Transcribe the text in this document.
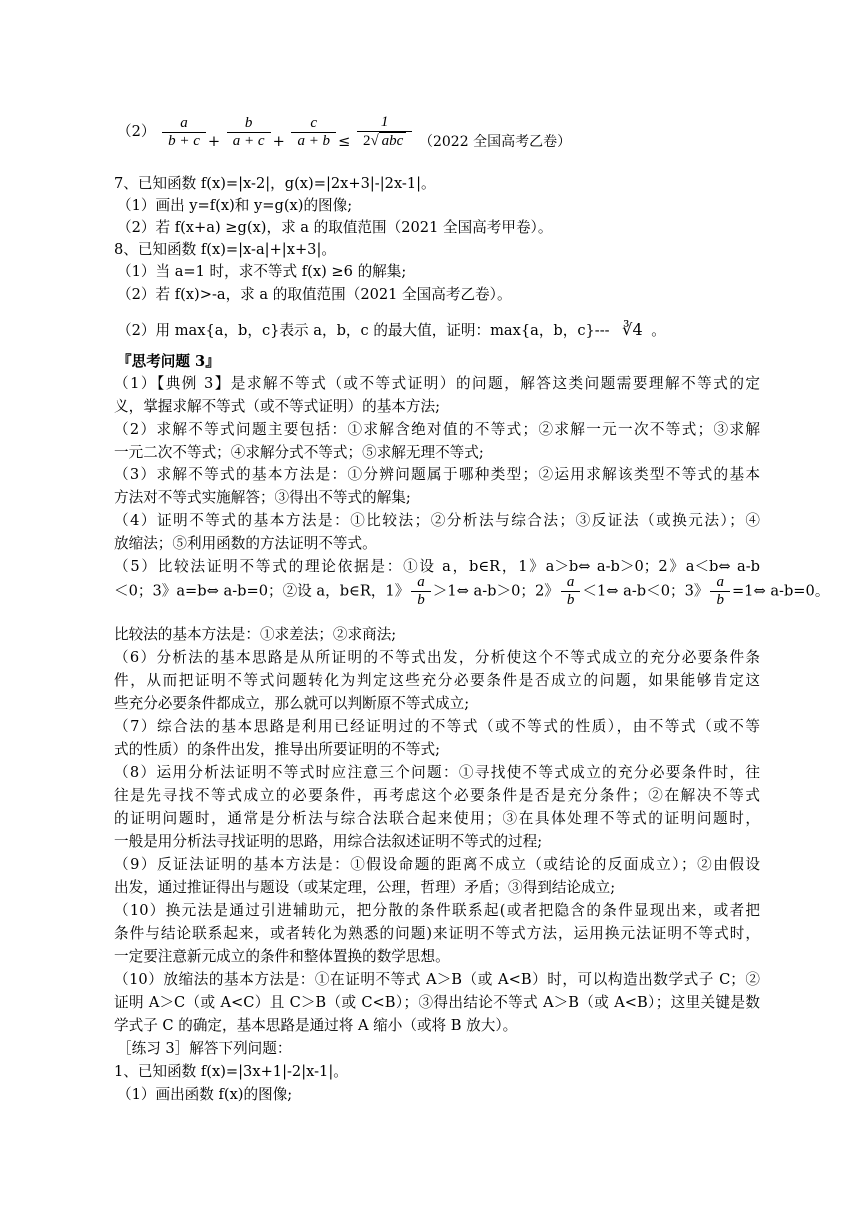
$(2) \frac{a}{b + c} + \frac{b}{a + c} + \frac{c}{a + b} \le \frac{1}{\text{2√ abc}} (2022$ 全国高考乙卷）
7、已知函数 f(x)=|x-2|，g(x)=|2x+3|-|2x-1|。
（1）画出 y=f(x)和 y=g(x)的图像;
（2）若 f(x+a) ≥g(x)，求 a 的取值范围（2021 全国高考甲卷）。
8、已知函数 f(x)=|x-a|+|x+3|。
（1）当 a=1 时，求不等式 f(x) ≥6 的解集;
（2）若 f(x)>-a，求 a 的取值范围（2021 全国高考乙卷）。
（2）用 max{a，b，c}表示 a，b，c 的最大值，证明：max{a，b，c}--- ∛4 。
『思考问题 3』
（1）【典例 3】是求解不等式（或不等式证明）的问题，解答这类问题需要理解不等式的定
义，掌握求解不等式（或不等式证明）的基本方法;
（2）求解不等式问题主要包括：①求解含绝对值的不等式；②求解一元一次不等式；③求解
一元二次不等式；④求解分式不等式；⑤求解无理不等式;
（3）求解不等式的基本方法是：①分辨问题属于哪种类型；②运用求解该类型不等式的基本
方法对不等式实施解答；③得出不等式的解集;
（4）证明不等式的基本方法是：①比较法；②分析法与综合法；③反证法（或换元法）；④
放缩法；⑤利用函数的方法证明不等式。
（5）比较法证明不等式的理论依据是：①设 a，b∈R，1》a＞b⇔ a-b＞0；2》a＜b⇔ a-b
＜0；3》a=b⇔ a-b=0；②设 a，b∈R，1》 $\frac{a}{b}$ ＞1⇔ a-b＞0；2》 $\frac{a}{b}$ ＜1⇔ a-b＜0；3》 $\frac{a}{b}$ =1⇔ a-b=0。
比较法的基本方法是：①求差法；②求商法;
（6）分析法的基本思路是从所证明的不等式出发，分析使这个不等式成立的充分必要条件条
件，从而把证明不等式问题转化为判定这些充分必要条件是否成立的问题，如果能够肯定这
些充分必要条件都成立，那么就可以判断原不等式成立;
（7）综合法的基本思路是利用已经证明过的不等式（或不等式的性质），由不等式（或不等
式的性质）的条件出发，推导出所要证明的不等式;
（8）运用分析法证明不等式时应注意三个问题：①寻找使不等式成立的充分必要条件时，往
往是先寻找不等式成立的必要条件，再考虑这个必要条件是否是充分条件；②在解决不等式
的证明问题时，通常是分析法与综合法联合起来使用；③在具体处理不等式的证明问题时，
一般是用分析法寻找证明的思路，用综合法叙述证明不等式的过程;
（9）反证法证明的基本方法是：①假设命题的距离不成立（或结论的反面成立）；②由假设
出发，通过推证得出与题设（或某定理，公理，哲理）矛盾；③得到结论成立;
（10）换元法是通过引进辅助元，把分散的条件联系起(或者把隐含的条件显现出来，或者把
条件与结论联系起来，或者转化为熟悉的问题)来证明不等式方法，运用换元法证明不等式时，
一定要注意新元成立的条件和整体置换的数学思想。
（10）放缩法的基本方法是：①在证明不等式 A＞B（或 A<B）时，可以构造出数学式子 C；②
证明 A＞C（或 A<C）且 C＞B（或 C<B）；③得出结论不等式 A＞B（或 A<B）；这里关键是数
学式子 C 的确定，基本思路是通过将 A 缩小（或将 B 放大）。
［练习 3］解答下列问题：
1、已知函数 f(x)=|3x+1|-2|x-1|。
（1）画出函数 f(x)的图像;
